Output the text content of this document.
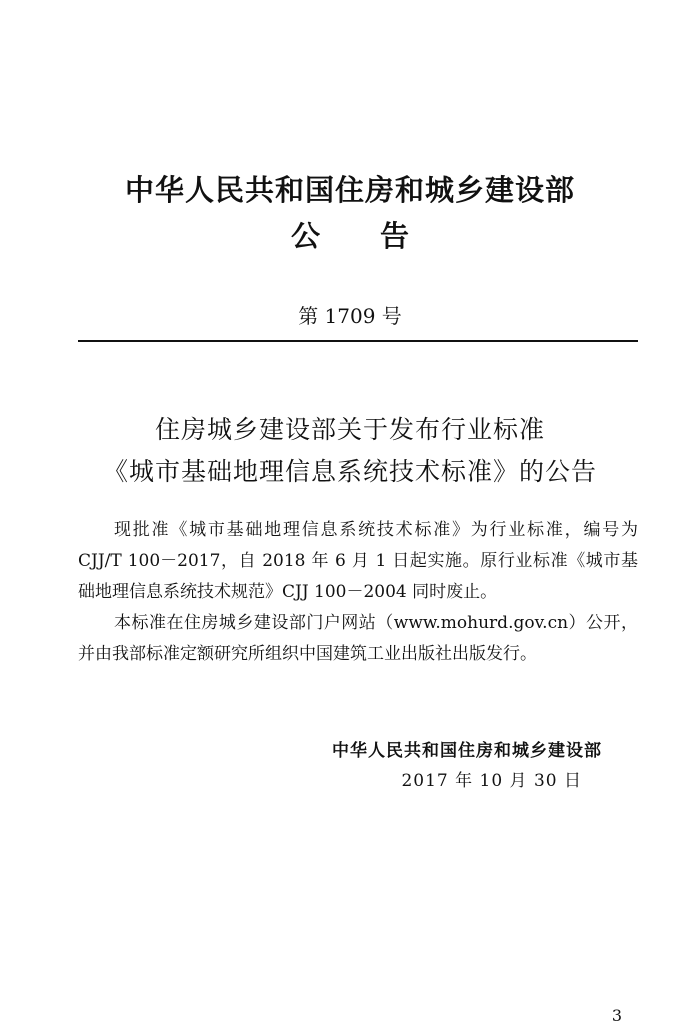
中华人民共和国住房和城乡建设部
公告
第 1709 号
住房城乡建设部关于发布行业标准
《城市基础地理信息系统技术标准》的公告
现批准《城市基础地理信息系统技术标准》为行业标准，编号为 CJJ/T 100－2017，自 2018 年 6 月 1 日起实施。原行业标准《城市基础地理信息系统技术规范》CJJ 100－2004 同时废止。
本标准在住房城乡建设部门户网站（www.mohurd.gov.cn）公开，并由我部标准定额研究所组织中国建筑工业出版社出版发行。
中华人民共和国住房和城乡建设部
2017 年 10 月 30 日
3
